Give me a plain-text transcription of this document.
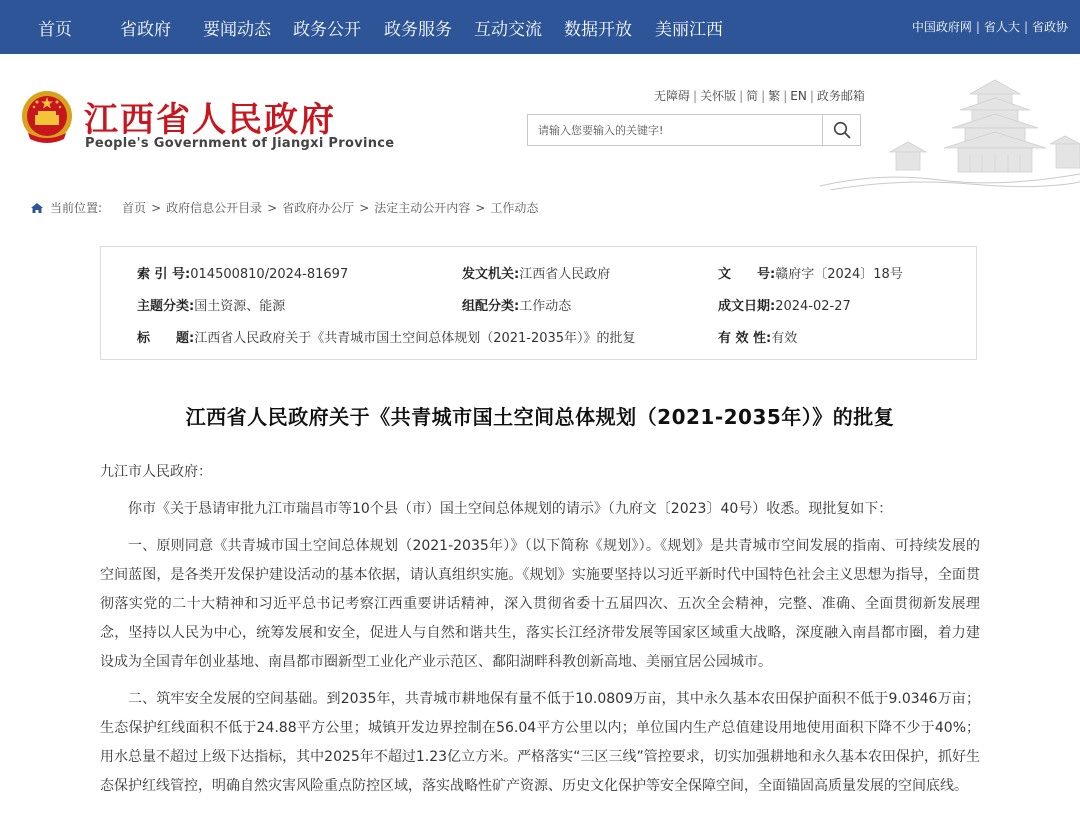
首页	省政府 要闻动态 政务公开 政务服务 互动交流 数据开放 美丽江西	中国政府网 | 省人大 | 省政协
江西省人民政府
People's Government of Jiangxi Province
无障碍 | 关怀版 | 简 | 繁 | EN | 政务邮箱
请输入您要输入的关键字!
当前位置: 首页 > 政府信息公开目录 > 省政府办公厅 > 法定主动公开内容 > 工作动态
索 引 号:014500810/2024-81697	发文机关:江西省人民政府	文　　号:赣府字〔2024〕18号
主题分类:国土资源、能源	组配分类:工作动态	成文日期:2024-02-27
标　　题:江西省人民政府关于《共青城市国土空间总体规划（2021-2035年）》的批复	有 效 性:有效
江西省人民政府关于《共青城市国土空间总体规划（2021-2035年）》的批复

九江市人民政府：

你市《关于恳请审批九江市瑞昌市等10个县（市）国土空间总体规划的请示》（九府文〔2023〕40号）收悉。现批复如下：

一、原则同意《共青城市国土空间总体规划（2021-2035年）》（以下简称《规划》）。《规划》是共青城市空间发展的指南、可持续发展的空间蓝图，是各类开发保护建设活动的基本依据，请认真组织实施。《规划》实施要坚持以习近平新时代中国特色社会主义思想为指导，全面贯彻落实党的二十大精神和习近平总书记考察江西重要讲话精神，深入贯彻省委十五届四次、五次全会精神，完整、准确、全面贯彻新发展理念，坚持以人民为中心，统筹发展和安全，促进人与自然和谐共生，落实长江经济带发展等国家区域重大战略，深度融入南昌都市圈，着力建设成为全国青年创业基地、南昌都市圈新型工业化产业示范区、鄱阳湖畔科教创新高地、美丽宜居公园城市。

二、筑牢安全发展的空间基础。到2035年，共青城市耕地保有量不低于10.0809万亩，其中永久基本农田保护面积不低于9.0346万亩；生态保护红线面积不低于24.88平方公里；城镇开发边界控制在56.04平方公里以内；单位国内生产总值建设用地使用面积下降不少于40%；用水总量不超过上级下达指标，其中2025年不超过1.23亿立方米。严格落实“三区三线”管控要求，切实加强耕地和永久基本农田保护，抓好生态保护红线管控，明确自然灾害风险重点防控区域，落实战略性矿产资源、历史文化保护等安全保障空间，全面锚固高质量发展的空间底线。
